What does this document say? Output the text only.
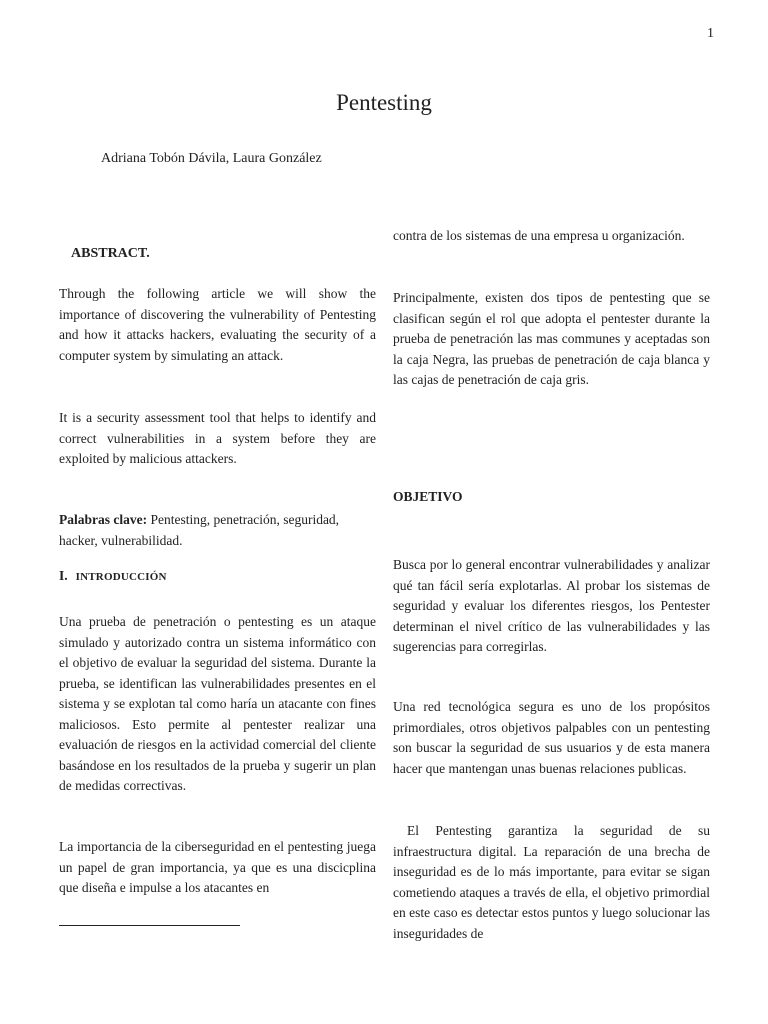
1
Pentesting
Adriana Tobón Dávila, Laura González

ABSTRACT.

Through the following article we will show the importance of discovering the vulnerability of Pentesting and how it attacks hackers, evaluating the security of a computer system by simulating an attack.

It is a security assessment tool that helps to identify and correct vulnerabilities in a system before they are exploited by malicious attackers.

Palabras clave: Pentesting, penetración, seguridad, hacker, vulnerabilidad.

I. INTRODUCCIÓN

Una prueba de penetración o pentesting es un ataque simulado y autorizado contra un sistema informático con el objetivo de evaluar la seguridad del sistema. Durante la prueba, se identifican las vulnerabilidades presentes en el sistema y se explotan tal como haría un atacante con fines maliciosos. Esto permite al pentester realizar una evaluación de riesgos en la actividad comercial del cliente basándose en los resultados de la prueba y sugerir un plan de medidas correctivas.

La importancia de la ciberseguridad en el pentesting juega un papel de gran importancia, ya que es una discicplina que diseña e impulse a los atacantes en

contra de los sistemas de una empresa u organización.

Principalmente, existen dos tipos de pentesting que se clasifican según el rol que adopta el pentester durante la prueba de penetración las mas communes y aceptadas son la caja Negra, las pruebas de penetración de caja blanca y las cajas de penetración de caja gris.

OBJETIVO

Busca por lo general encontrar vulnerabilidades y analizar qué tan fácil sería explotarlas. Al probar los sistemas de seguridad y evaluar los diferentes riesgos, los Pentester determinan el nivel crítico de las vulnerabilidades y las sugerencias para corregirlas.

Una red tecnológica segura es uno de los propósitos primordiales, otros objetivos palpables con un pentesting son buscar la seguridad de sus usuarios y de esta manera hacer que mantengan unas buenas relaciones publicas.

El Pentesting garantiza la seguridad de su infraestructura digital. La reparación de una brecha de inseguridad es de lo más importante, para evitar se sigan cometiendo ataques a través de ella, el objetivo primordial en este caso es detectar estos puntos y luego solucionar las inseguridades de
